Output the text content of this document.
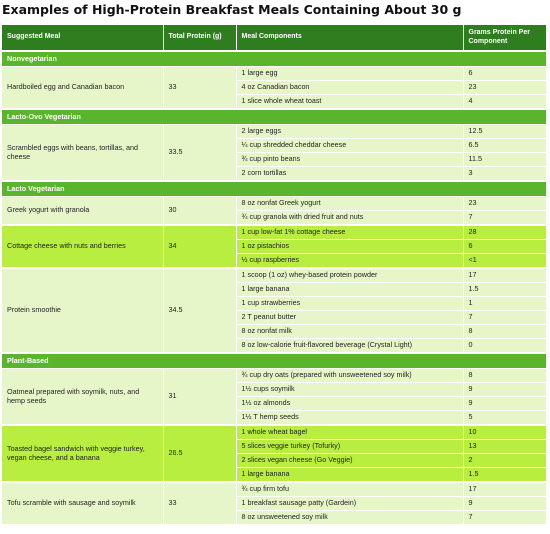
Examples of High-Protein Breakfast Meals Containing About 30 g
Suggested Meal	Total Protein (g)	Meal Components	Grams Protein Per Component
Nonvegetarian			
Hardboiled egg and Canadian bacon	33	1 large egg	6
		4 oz Canadian bacon	23
		1 slice whole wheat toast	4
Lacto-Ovo Vegetarian			
Scrambled eggs with beans, tortillas, and cheese	33.5	2 large eggs	12.5
		¼ cup shredded cheddar cheese	6.5
		¾ cup pinto beans	11.5
		2 corn tortillas	3
Lacto Vegetarian			
Greek yogurt with granola	30	8 oz nonfat Greek yogurt	23
		¾ cup granola with dried fruit and nuts	7
Cottage cheese with nuts and berries	34	1 cup low-fat 1% cottage cheese	28
		1 oz pistachios	6
		½ cup raspberries	<1
Protein smoothie	34.5	1 scoop (1 oz) whey-based protein powder	17
		1 large banana	1.5
		1 cup strawberries	1
		2 T peanut butter	7
		8 oz nonfat milk	8
		8 oz low-calorie fruit-flavored beverage (Crystal Light)	0
Plant-Based			
Oatmeal prepared with soymilk, nuts, and hemp seeds	31	¾ cup dry oats (prepared with unsweetened soy milk)	8
		1½ cups soymilk	9
		1½ oz almonds	9
		1½ T hemp seeds	5
Toasted bagel sandwich with veggie turkey, vegan cheese, and a banana	26.5	1 whole wheat bagel	10
		5 slices veggie turkey (Tofurky)	13
		2 slices vegan cheese (Go Veggie)	2
		1 large banana	1.5
Tofu scramble with sausage and soymilk	33	¾ cup firm tofu	17
		1 breakfast sausage patty (Gardein)	9
		8 oz unsweetened soy milk	7
